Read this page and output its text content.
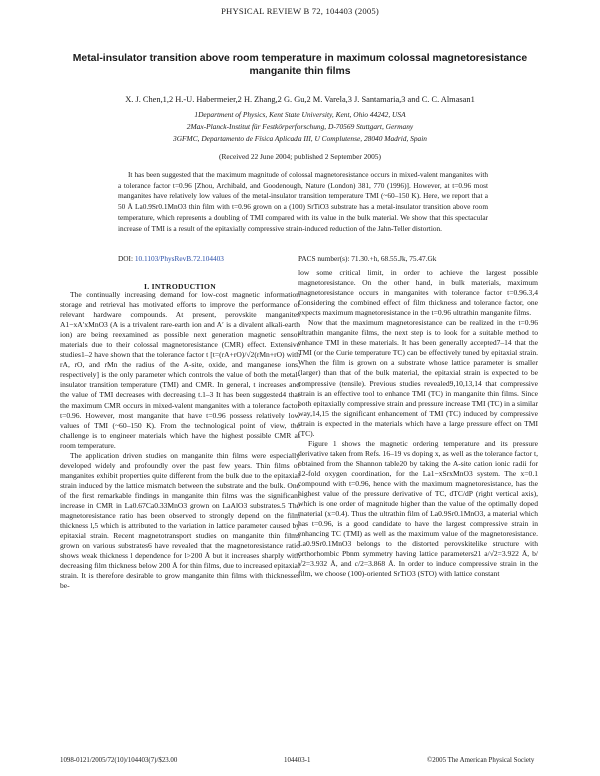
PHYSICAL REVIEW B 72, 104403 (2005)
Metal-insulator transition above room temperature in maximum colossal magnetoresistance
manganite thin films
X. J. Chen,1,2 H.-U. Habermeier,2 H. Zhang,2 G. Gu,2 M. Varela,3 J. Santamaria,3 and C. C. Almasan1
1Department of Physics, Kent State University, Kent, Ohio 44242, USA
2Max-Planck-Institut für Festkörperforschung, D-70569 Stuttgart, Germany
3GFMC, Departamento de Física Aplicada III, U Complutense, 28040 Madrid, Spain
(Received 22 June 2004; published 2 September 2005)
It has been suggested that the maximum magnitude of colossal magnetoresistance occurs in mixed-valent manganites with a tolerance factor t=0.96 [Zhou, Archibald, and Goodenough, Nature (London) 381, 770 (1996)]. However, at t=0.96 most manganites have relatively low values of the metal-insulator transition temperature TMI (~60–150 K). Here, we report that a 50 Å La0.9Sr0.1MnO3 thin film with t=0.96 grown on a (100) SrTiO3 substrate has a metal-insulator transition above room temperature, which represents a doubling of TMI compared with its value in the bulk material. We show that this spectacular increase of TMI is a result of the epitaxially compressive strain-induced reduction of the Jahn-Teller distortion.
DOI: 10.1103/PhysRevB.72.104403	PACS number(s): 71.30.+h, 68.55.Jk, 75.47.Gk
I. INTRODUCTION

The continually increasing demand for low-cost magnetic information storage and retrieval has motivated efforts to improve the performance of relevant hardware compounds. At present, perovskite manganites A1−xA′xMnO3 (A is a trivalent rare-earth ion and A′ is a divalent alkali-earth ion) are being reexamined as possible next generation magnetic sensor materials due to their colossal magnetoresistance (CMR) effect. Extensive studies1–2 have shown that the tolerance factor t [t=(rA+rO)/√2(rMn+rO) with rA, rO, and rMn the radius of the A-site, oxide, and manganese ions, respectively] is the only parameter which controls the value of both the metal-insulator transition temperature (TMI) and CMR. In general, t increases and the value of TMI decreases with decreasing t.1–3 It has been suggested4 that the maximum CMR occurs in mixed-valent manganites with a tolerance factor t=0.96. However, most manganite that have t=0.96 possess relatively low values of TMI (~60–150 K). From the technological point of view, the challenge is to engineer materials which have the highest possible CMR at room temperature.

The application driven studies on manganite thin films were especially developed widely and profoundly over the past few years. Thin films of manganites exhibit properties quite different from the bulk due to the epitaxial strain induced by the lattice mismatch between the substrate and the bulk. One of the first remarkable findings in manganite thin films was the significant increase in CMR in La0.67Ca0.33MnO3 grown on LaAlO3 substrates.5 The magnetoresistance ratio has been observed to strongly depend on the film thickness l,5 which is attributed to the variation in lattice parameter caused by epitaxial strain. Recent magnetotransport studies on manganite thin films grown on various substrates6 have revealed that the magnetoresistance ratio shows weak thickness l dependence for l>200 Å but it increases sharply with decreasing film thickness below 200 Å for thin films, due to increased epitaxial strain. It is therefore desirable to grow manganite thin films with thicknesses be-

low some critical limit, in order to achieve the largest possible magnetoresistance. On the other hand, in bulk materials, maximum magnetoresistance occurs in manganites with tolerance factor t=0.96.3,4 Considering the combined effect of film thickness and tolerance factor, one expects maximum magnetoresistance in the t=0.96 ultrathin manganite films.

Now that the maximum magnetoresistance can be realized in the t=0.96 ultrathin manganite films, the next step is to look for a suitable method to enhance TMI in these materials. It has been generally accepted7–14 that the TMI (or the Curie temperature TC) can be effectively tuned by epitaxial strain. When the film is grown on a substrate whose lattice parameter is smaller (larger) than that of the bulk material, the epitaxial strain is expected to be compressive (tensile). Previous studies revealed9,10,13,14 that compressive strain is an effective tool to enhance TMI (TC) in manganite thin films. Since both epitaxially compressive strain and pressure increase TMI (TC) in a similar way,14,15 the significant enhancement of TMI (TC) induced by compressive strain is expected in the materials which have a large pressure effect on TMI (TC).

Figure 1 shows the magnetic ordering temperature and its pressure derivative taken from Refs. 16–19 vs doping x, as well as the tolerance factor t, obtained from the Shannon table20 by taking the A-site cation ionic radii for 12-fold oxygen coordination, for the La1−xSrxMnO3 system. The x=0.1 compound with t=0.96, hence with the maximum magnetoresistance, has the highest value of the pressure derivative of TC, dTC/dP (right vertical axis), which is one order of magnitude higher than the value of the optimally doped material (x=0.4). Thus the ultrathin film of La0.9Sr0.1MnO3, a material which has t=0.96, is a good candidate to have the largest compressive strain in enhancing TC (TMI) as well as the maximum value of the magnetoresistance. La0.9Sr0.1MnO3 belongs to the distorted perovskitelike structure with orthorhombic Pbnm symmetry having lattice parameters21 a/√2=3.922 Å, b/√2=3.932 Å, and c/2=3.868 Å. In order to induce compressive strain in the film, we choose (100)-oriented SrTiO3 (STO) with lattice constant

1098-0121/2005/72(10)/104403(7)/$23.00	104403-1	©2005 The American Physical Society
